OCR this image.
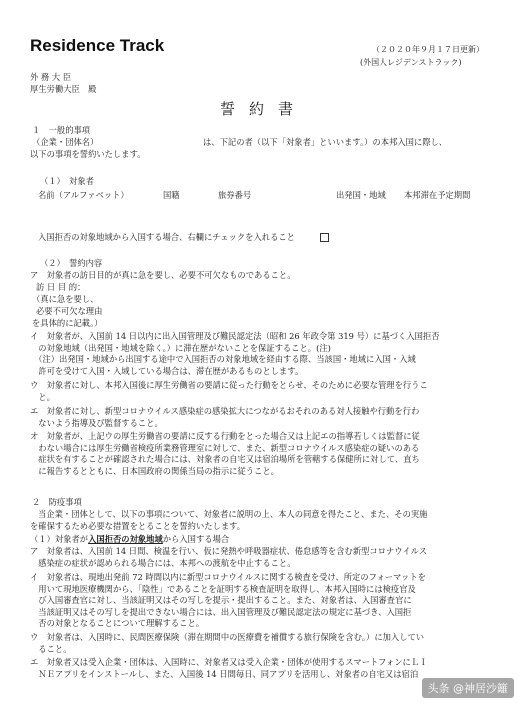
Residence Track	（２０２０年９月１７日更新）
(外国人レジデンストラック)
外 務 大 臣
厚生労働大臣　殿
誓約書
１　一般的事項
（企業・団体名）	は、下記の者（以下「対象者」といいます。）の本邦入国に際し、
以下の事項を誓約いたします。
（１）　対象者
名前（アルファベット）	国籍	旅券番号	出発国・地域 本邦滞在予定期間
入国拒否の対象地域から入国する場合、右欄にチェックを入れること
（２）　誓約内容
ア　対象者の訪日目的が真に急を要し、必要不可欠なものであること。
訪 日 目 的：
（真に急を要し、
必要不可欠な理由
を具体的に記載。）
イ　対象者が、入国前 14 日以内に出入国管理及び難民認定法（昭和 26 年政令第 319 号）に基づく入国拒否
　の対象地域（出発国・地域を除く。）に滞在歴がないことを保証すること。(注)
　（注）出発国・地域から出国する途中で入国拒否の対象地域を経由する際、当該国・地域に入国・入域
　許可を受けて入国・入域している場合は、滞在歴があるものとします。
ウ　対象者に対し、本邦入国後に厚生労働省の要請に従った行動をとらせ、そのために必要な管理を行うこ
　と。
エ　対象者に対し、新型コロナウイルス感染症の感染拡大につながるおそれのある対人接触や行動を行わ
　ないよう指導及び監督すること。
オ　対象者が、上記ウの厚生労働省の要請に反する行動をとった場合又は上記エの指導若しくは監督に従
　わない場合には厚生労働省検疫所業務管理室に対して、また、新型コロナウイルス感染症の疑いのある
　症状を有することが確認された場合には、対象者の自宅又は宿泊場所を管轄する保健所に対して、直ち
　に報告するとともに、日本国政府の関係当局の指示に従うこと。
２　防疫事項
当企業・団体として、以下の事項について、対象者に説明の上、本人の同意を得たこと、また、その実施
を確保するため必要な措置をとることを誓約いたします。
（１）対象者が入国拒否の対象地域から入国する場合
ア　対象者は、入国前 14 日間、検温を行い、仮に発熱や呼吸器症状、倦怠感等を含む新型コロナウイルス
　感染症の症状が認められる場合には、本邦への渡航を中止すること。
イ　対象者は、現地出発前 72 時間以内に新型コロナウイルスに関する検査を受け、所定のフォーマットを
　用いて現地医療機関から、「陰性」であることを証明する検査証明を取得し、本邦入国時には検疫官及
　び入国審査官に対し、当該証明又はその写しを提示・提出すること。また、対象者は、入国審査官に
　当該証明又はその写しを提出できない場合には、出入国管理及び難民認定法の規定に基づき、入国拒
　否の対象となることについて理解すること。
ウ　対象者は、入国時に、民間医療保険（滞在期間中の医療費を補償する旅行保険を含む。）に加入してい
　ること。
エ　対象者又は受入企業・団体は、入国時に、対象者又は受入企業・団体が使用するスマートフォンにＬＩ
　ＮＥアプリをインストールし、また、入国後 14 日間毎日、同アプリを活用し、対象者の自宅又は宿泊
头条 @神居沙籬
